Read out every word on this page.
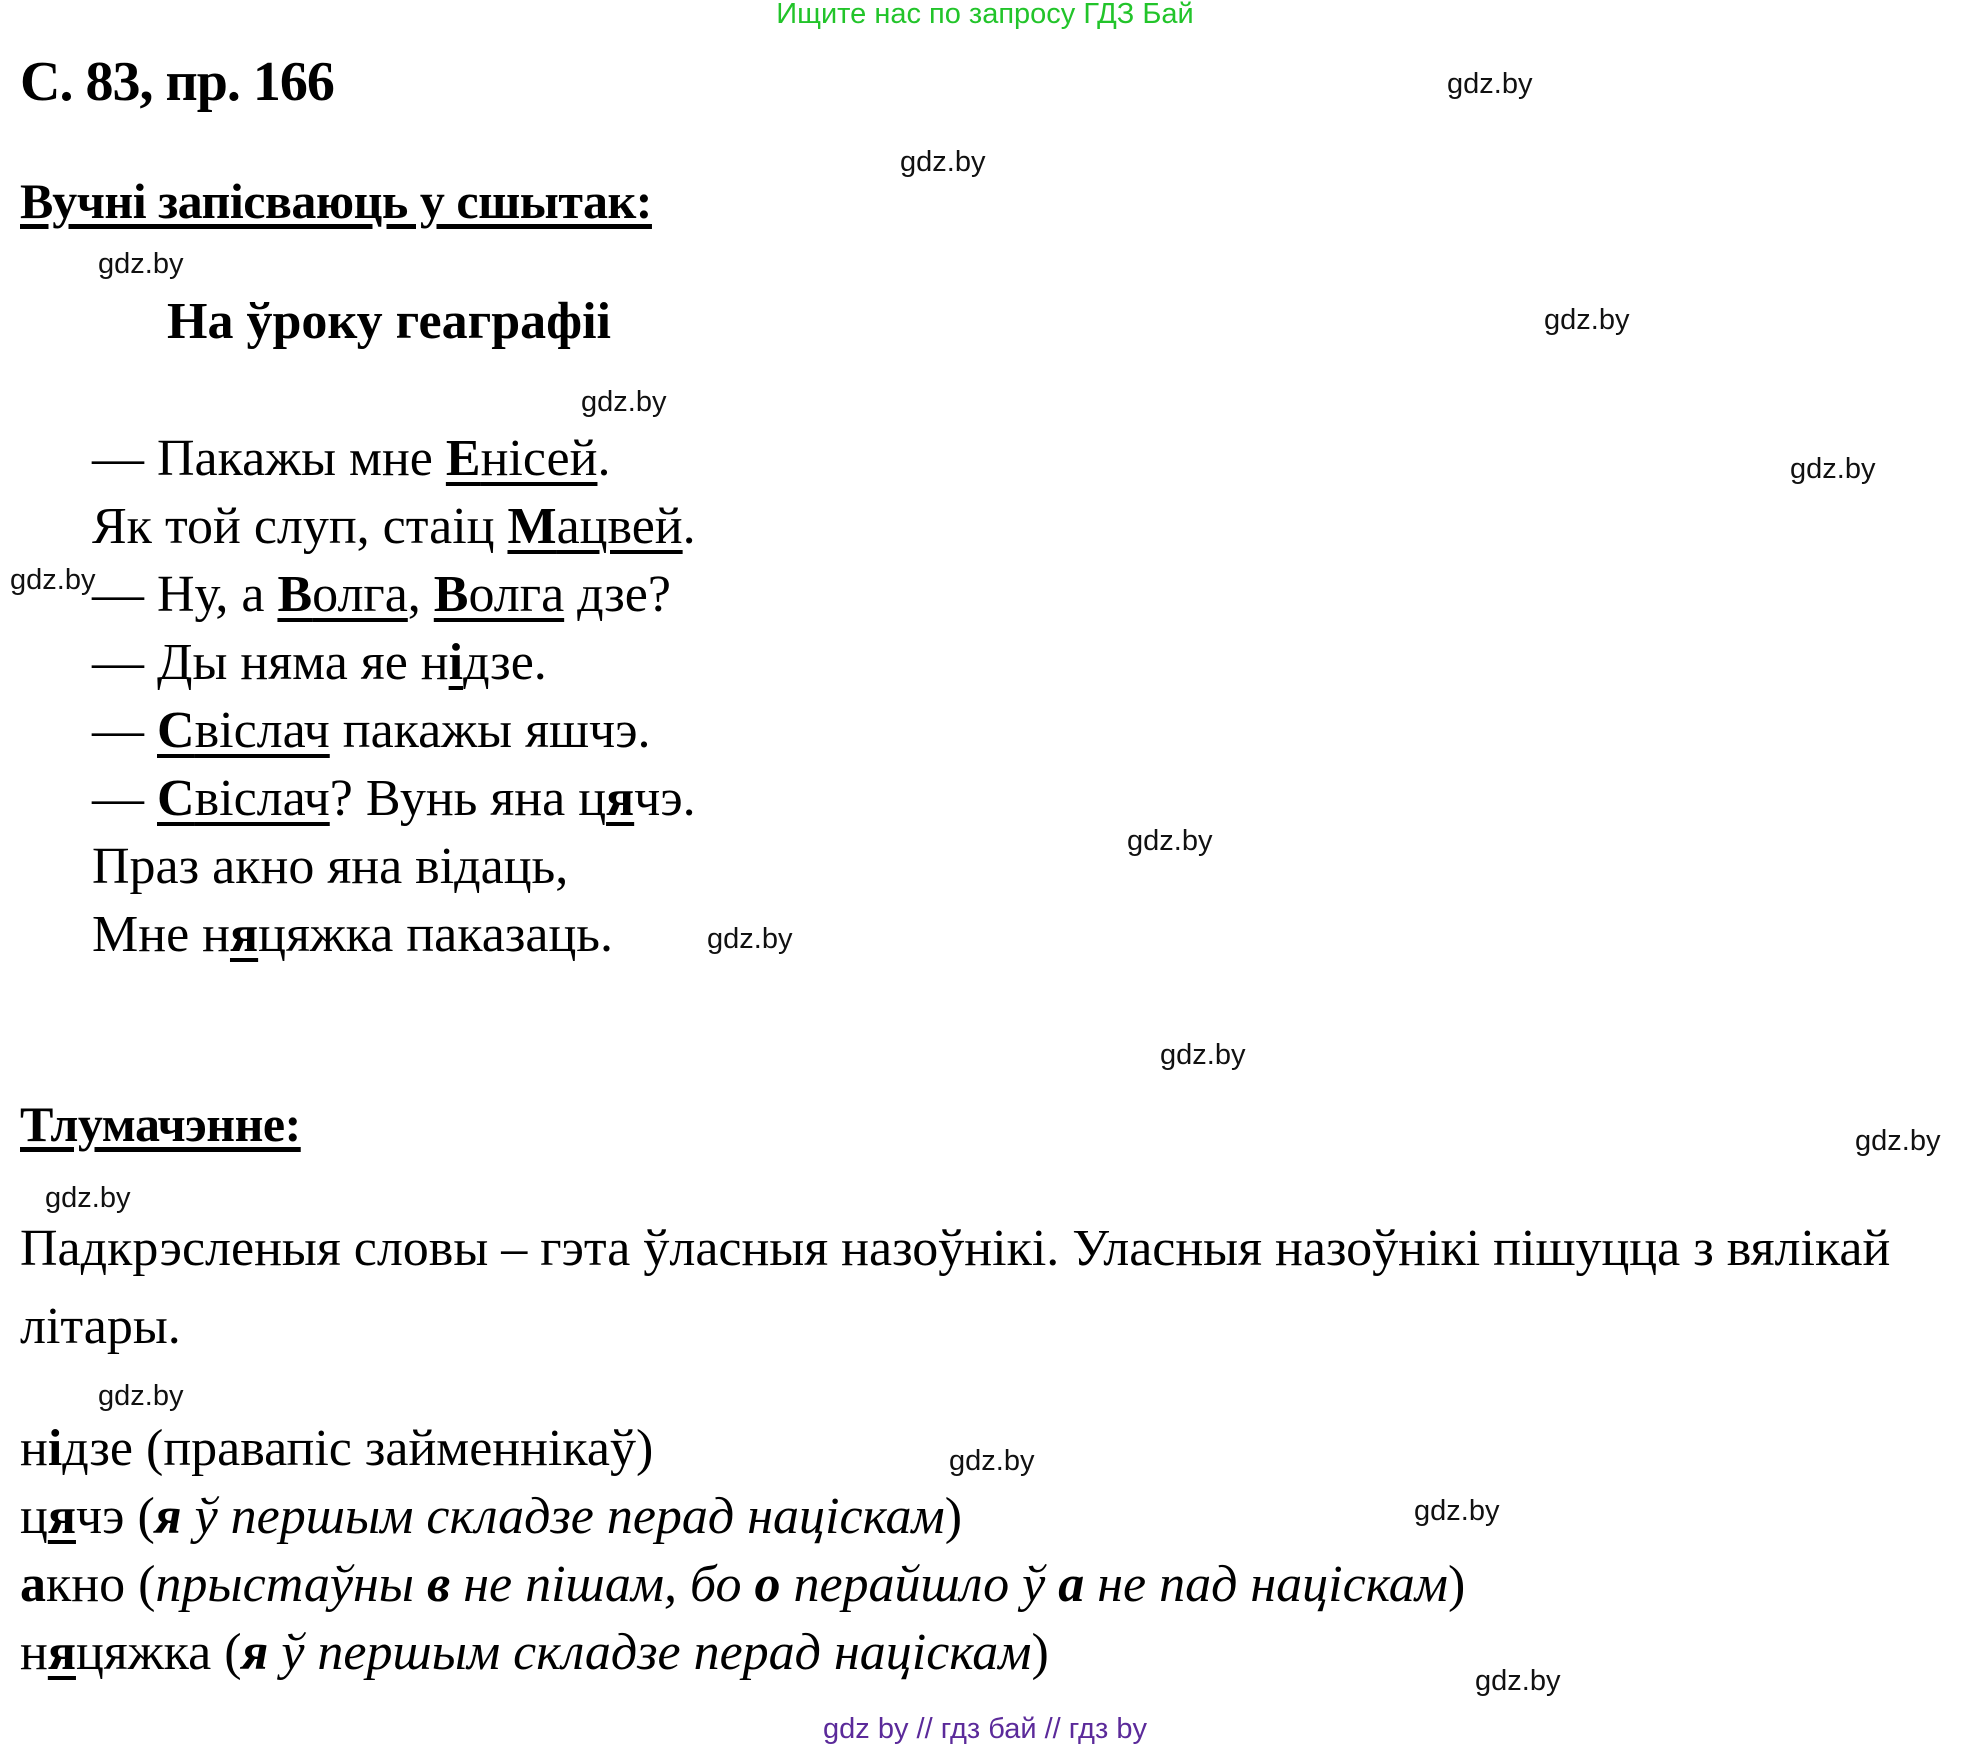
Ищите нас по запросу ГДЗ Бай
С. 83, пр. 166
Вучні запісваюць у сшытак:
На ўроку геаграфіі
— Пакажы мне Енісей.
Як той слуп, стаіц Мацвей.
— Ну, а Волга, Волга дзе?
— Ды няма яе нідзе.
— Свіслач пакажы яшчэ.
— Свіслач? Вунь яна цячэ.
Праз акно яна відаць,
Мне няцяжка паказаць.
Тлумачэнне:
Падкрэсленыя словы – гэта ўласныя назоўнікі. Уласныя назоўнікі пішуцца з вялікай літары.
нідзе (правапіс займеннікаў)
цячэ (я ў першым складзе перад націскам)
акно (прыстаўны в не пішам, бо о перайшло ў а не пад націскам)
няцяжка (я ў першым складзе перад націскам)
gdz.by
gdz.by
gdz.by
gdz.by
gdz.by
gdz.by
gdz.by
gdz.by
gdz.by
gdz.by
gdz.by
gdz.by
gdz.by
gdz.by
gdz.by
gdz.by
gdz by // гдз бай // гдз by
